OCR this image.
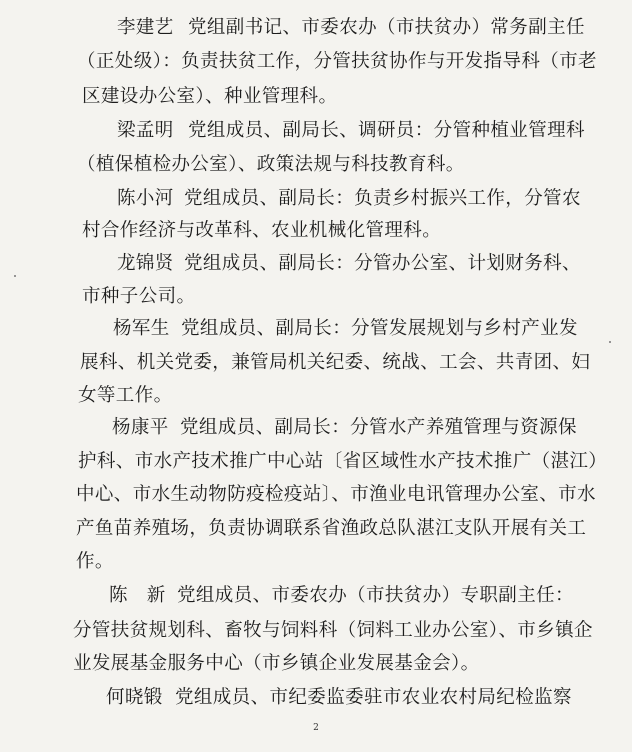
李建艺 党组副书记、市委农办（市扶贫办）常务副主任
（正处级）：负责扶贫工作，分管扶贫协作与开发指导科（市老
区建设办公室）、种业管理科。
梁孟明 党组成员、副局长、调研员：分管种植业管理科
（植保植检办公室）、政策法规与科技教育科。
陈小河 党组成员、副局长：负责乡村振兴工作，分管农
村合作经济与改革科、农业机械化管理科。
龙锦贤 党组成员、副局长：分管办公室、计划财务科、
市种子公司。
杨军生 党组成员、副局长：分管发展规划与乡村产业发
展科、机关党委，兼管局机关纪委、统战、工会、共青团、妇
女等工作。
杨康平 党组成员、副局长：分管水产养殖管理与资源保
护科、市水产技术推广中心站〔省区域性水产技术推广（湛江）
中心、市水生动物防疫检疫站〕、市渔业电讯管理办公室、市水
产鱼苗养殖场，负责协调联系省渔政总队湛江支队开展有关工
作。
陈　新 党组成员、市委农办（市扶贫办）专职副主任：
分管扶贫规划科、畜牧与饲料科（饲料工业办公室）、市乡镇企
业发展基金服务中心（市乡镇企业发展基金会）。
何晓锻 党组成员、市纪委监委驻市农业农村局纪检监察
2
